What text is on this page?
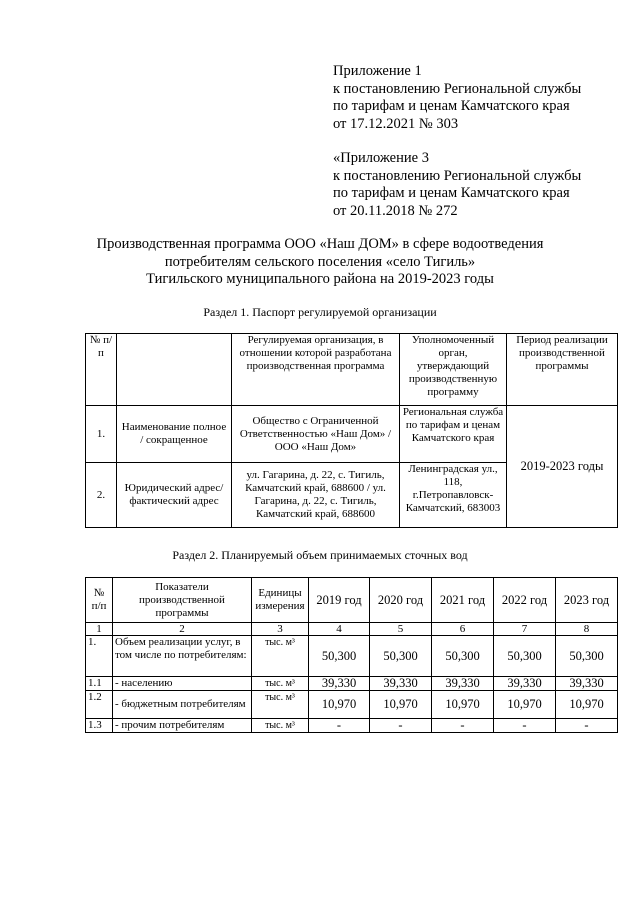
Приложение 1
к постановлению Региональной службы
по тарифам и ценам Камчатского края
от 17.12.2021 № 303
«Приложение 3
к постановлению Региональной службы
по тарифам и ценам Камчатского края
от 20.11.2018 № 272
Производственная программа ООО «Наш ДОМ» в сфере водоотведения
потребителям сельского поселения «село Тигиль»
Тигильского муниципального района на 2019-2023 годы
Раздел 1. Паспорт регулируемой организации
№ п/п		Регулируемая организация, в отношении которой разработана производственная программа	Уполномоченный орган, утверждающий производственную программу	Период реализации производственной программы
1.	Наименование полное / сокращенное	Общество с Ограниченной Ответственностью «Наш Дом» / ООО «Наш Дом»	Региональная служба по тарифам и ценам Камчатского края	2019-2023 годы
2.	Юридический адрес/фактический адрес	ул. Гагарина, д. 22, с. Тигиль, Камчатский край, 688600 / ул. Гагарина, д. 22, с. Тигиль, Камчатский край, 688600	Ленинградская ул., 118, г.Петропавловск-Камчатский, 683003	
Раздел 2. Планируемый объем принимаемых сточных вод
№ п/п	Показатели производственной программы	Единицы измерения	2019 год	2020 год	2021 год	2022 год	2023 год
1	2	3	4	5	6	7	8
1.	Объем реализации услуг, в том числе по потребителям:	тыс. м³	50,300	50,300	50,300	50,300	50,300
1.1	- населению	тыс. м³	39,330	39,330	39,330	39,330	39,330
1.2	- бюджетным потребителям	тыс. м³	10,970	10,970	10,970	10,970	10,970
1.3	- прочим потребителям	тыс. м³	-	-	-	-	-
